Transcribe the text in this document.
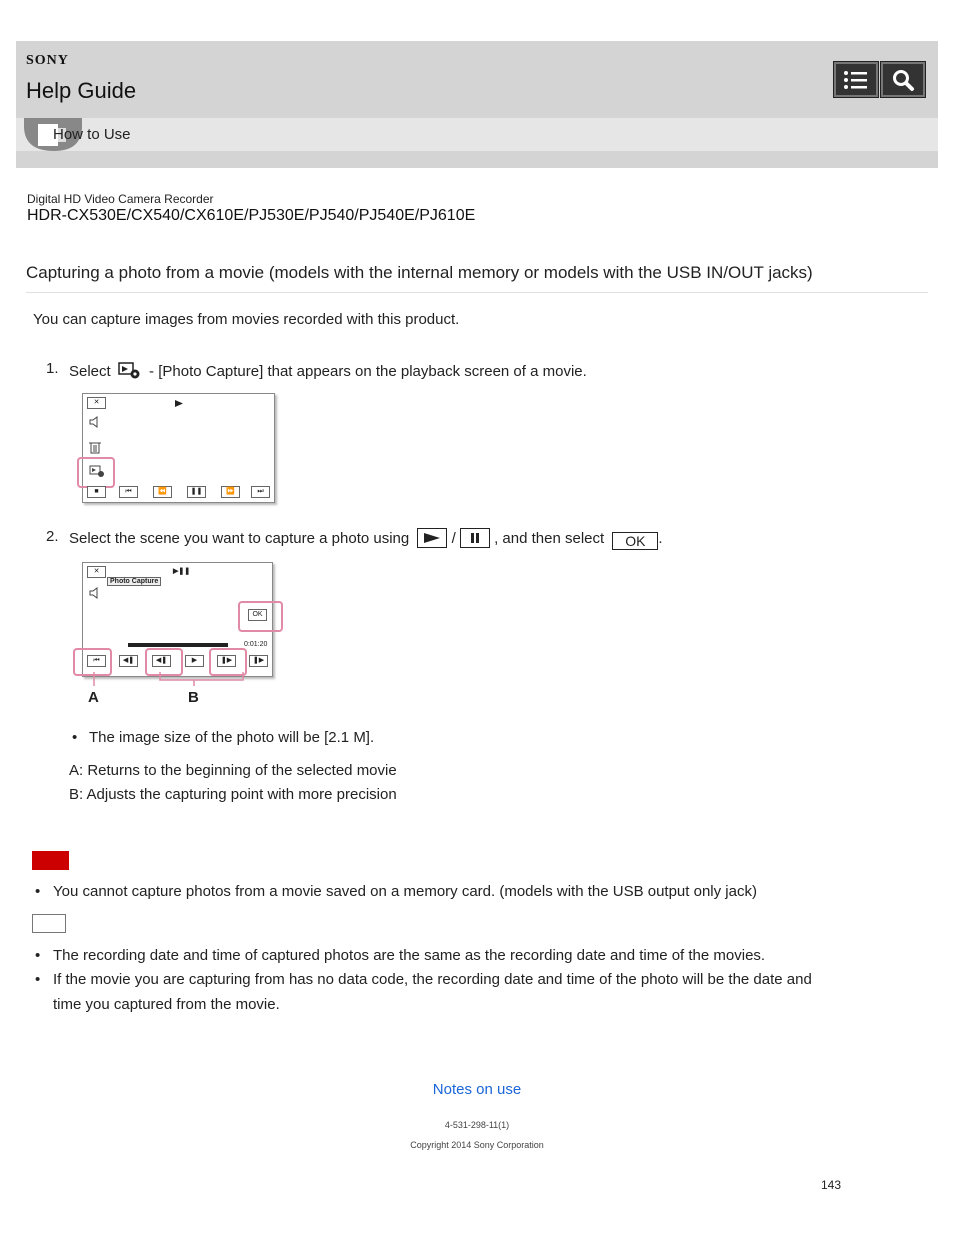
SONY
Help Guide
How to Use
Digital HD Video Camera Recorder
HDR-CX530E/CX540/CX610E/PJ530E/PJ540/PJ540E/PJ610E
Capturing a photo from a movie (models with the internal memory or models with the USB IN/OUT jacks)
You can capture images from movies recorded with this product.
1. Select	- [Photo Capture] that appears on the playback screen of a movie.
✕
■	⏮	⏪	❚❚	⏩	⏭
2. Select the scene you want to capture a photo using	/	, and then select OK .
✕	▶❚❚
Photo Capture
OK
0:01:20
⏮	◀❚	◀❚	▶	❚▶	❚▶
A	B
• The image size of the photo will be [2.1 M].
A: Returns to the beginning of the selected movie
B: Adjusts the capturing point with more precision
• You cannot capture photos from a movie saved on a memory card. (models with the USB output only jack)
• The recording date and time of captured photos are the same as the recording date and time of the movies.
• If the movie you are capturing from has no data code, the recording date and time of the photo will be the date and
time you captured from the movie.
Notes on use
4-531-298-11(1)
Copyright 2014 Sony Corporation
143
